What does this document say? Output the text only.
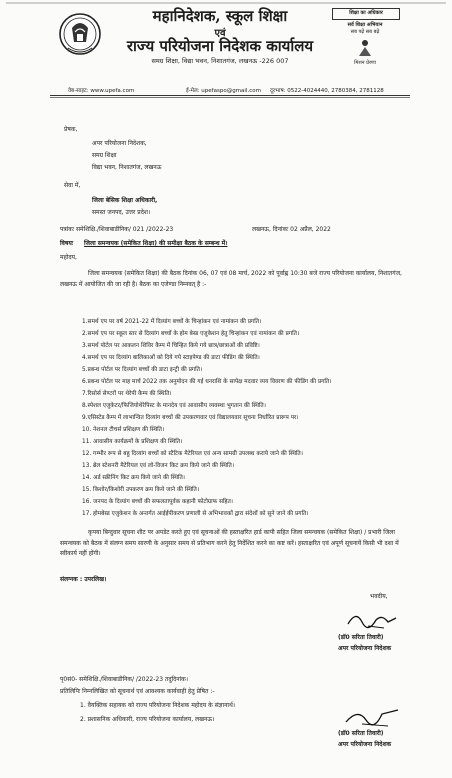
महानिदेशक, स्कूल शिक्षा
एवं
राज्य परियोजना निदेशक कार्यालय
समग्र शिक्षा, विद्या भवन, निशातगंज, लखनऊ -226 007
शिक्षा का अधिकार
सर्व शिक्षा अभियान
सब पढ़ें सब बढ़ें
मिशन प्रेरणा
वेब-साइट: www.upefa.com	ई-मेल: upefaspo@gmail.com दूरभाष: 0522-4024440, 2780384, 2781128
प्रेषक,
अपर परियोजना निदेशक,
समग्र शिक्षा
विद्या भवन, निशातगंज, लखनऊ
सेवा में,
जिला बेसिक शिक्षा अधिकारी,
समस्त जनपद, उत्तर प्रदेश।
पत्रांकः समेशिक्षि./शिवाबाडीनिक/ 021 /2022-23	लखनऊ, दिनांकः 02 अप्रैल, 2022
विषयः जिला समन्वयक (समेकित शिक्षा) की समीक्षा बैठक के सम्बन्ध में।
महोदय,
जिला समन्वयक (समेकित शिक्षा) की बैठक दिनांक 06, 07 एवं 08 मार्च, 2022 को पूर्वाह्न 10:30 बजे राज्य परियोजना कार्यालय, निशातगंज, लखनऊ में आयोजित की जा रही है। बैठक का एजेण्डा निम्नवत् है :-
1.समर्थ एप पर वर्ष 2021-22 में दिव्यांग बच्चों के चिन्हांकन एवं नामांकन की प्रगति।
2.समर्थ एप पर स्कूल स्तर से दिव्यांग बच्चों के होम बेस्ड एजुकेशन हेतु चिन्हांकन एवं नामांकन की प्रगति।
3.समर्थ पोर्टल पर आकलन शिविर कैम्प में चिन्हित किये गये छात्र/छात्राओं की प्रविष्टि।
4.समर्थ एप पर दिव्यांग बालिकाओं को दिये गये स्टाइपेण्ड की डाटा फीडिंग की स्थिति।
5.प्रबन्ध पोर्टल पर दिव्यांग बच्चों की डाटा इन्ट्री की प्रगति।
6.प्रबन्ध पोर्टल पर माह मार्च 2022 तक अनुमोदन की गई धनराशि के सापेक्ष मदवार व्यय विवरण की फीडिंग की प्रगति।
7.रिसोर्स सेण्टरों पर थेरेपी कैम्प की स्थिति।
8.स्पेशल एजुकेटर/फिजियोथेरेपिस्ट के मानदेय एवं आवासीय व्यवस्था भुगतान की स्थिति।
9.एसिस्टेड कैम्प में लाभान्वित दिव्यांग बच्चों की उपकरणवार एवं विद्यालयवार सूचना निर्धारित प्रारूप पर।
10. नेशनल टीचर्स प्रशिक्षण की स्थिति।
11. आवासीय कार्यक्रमों के प्रशिक्षण की स्थिति।
12. गम्भीर रूप से बहु दिव्यांग बच्चों को स्टैटिक मैटेरियल एवं अन्य सामग्री उपलब्ध कराये जाने की स्थिति।
13. ब्रेल स्टेशनरी मैटेरियल एवं लो-विजन किट क्रय किये जाने की स्थिति।
14. अर्ड स्क्रीनिंग किट क्रय किये जाने की स्थिति।
15. किशोर/किशोरी उपकरण क्रय किये जाने की स्थिति।
16. जनपद के दिव्यांग बच्चों की सफलतापूर्वक कहानी फोटोग्राफ सहित।
17. होमबेस्ड एजुकेशन के अन्तर्गत आईईपीकरण प्रणाली से अभिभावकों द्वारा संदेशों को सुने जाने की प्रगति।
कृपया बिन्दुवार सूचना शीट पर अपडेट करते हुए एवं सूचनाओं की हस्ताक्षरित हार्ड कापी सहित जिला समन्वयक (समेकित शिक्षा) / प्रभारी जिला समन्वयक को बैठक में संलग्न समय सारणी के अनुसार समय से प्रतिभाग करने हेतु निर्देशित करने का कष्ट करें। हस्ताक्षरित एवं अपूर्ण सूचनायें किसी भी दशा में स्वीकार्य नहीं होंगी।
संलग्नक : उपरलिख।
भवदीय,
(डॉ0 सरिता तिवारी)
अपर परियोजना निदेशक
पृ0सं0- समेशिक्षि./शिवाबाडीनिक/ /2022-23 तदुदिनांक।
प्रतिलिपिः निम्नलिखित को सूचनार्थ एवं आवश्यक कार्यवाही हेतु प्रेषित :-
1. वैयक्तिक सहायक को राज्य परियोजना निदेशक महोदय के संज्ञानार्थ।
2. प्रशासनिक अधिकारी, राज्य परियोजना कार्यालय, लखनऊ।
(डॉ0 सरिता तिवारी)
अपर परियोजना निदेशक
